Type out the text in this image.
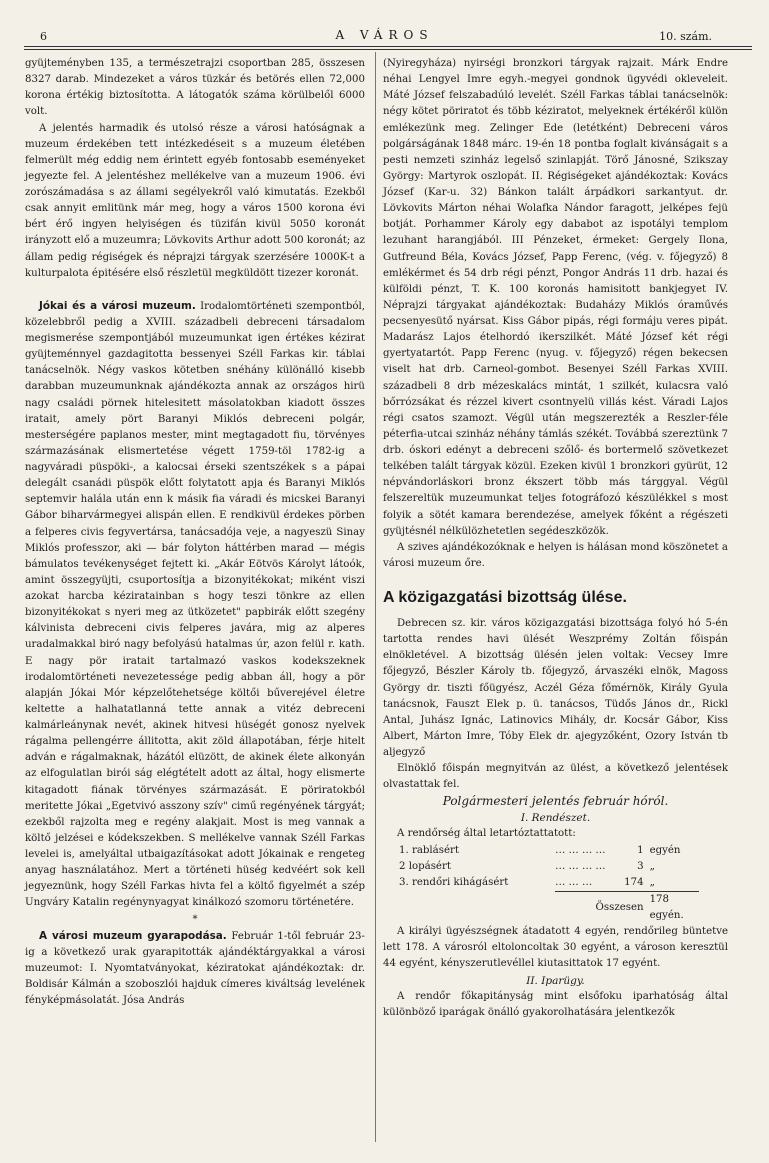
6	A VÁROS	10. szám.

gyüjteményben 135, a természetrajzi csoportban 285, összesen 8327 darab. Mindezeket a város tüzkár és betörés ellen 72,000 korona értékig biztosította. A látogatók száma körülbelől 6000 volt.

A jelentés harmadik és utolsó része a városi hatóságnak a muzeum érdekében tett intézkedéseit s a muzeum életében felmerült még eddig nem érintett egyéb fontosabb eseményeket jegyezte fel. A jelentéshez mellékelve van a muzeum 1906. évi zorószámadása s az állami segélyekről való kimutatás. Ezekből csak annyit emlitünk már meg, hogy a város 1500 korona évi bért érő ingyen helyiségen és tüzifán kivül 5050 koronát irányzott elő a muzeumra; Lövkovits Arthur adott 500 koronát; az állam pedig régiségek és néprajzi tárgyak szerzésére 1000K-t a kulturpalota épitésére első részletül megküldött tizezer koronát.

Jókai és a városi muzeum. Irodalomtörténeti szempontból, közelebbről pedig a XVIII. századbeli debreceni társadalom megismerése szempontjából muzeumunkat igen értékes kézirat gyüjteménnyel gazdagitotta bessenyei Széll Farkas kir. táblai tanácselnök. Négy vaskos kötetben snéhány különálló kisebb darabban muzeumunknak ajándékozta annak az országos hirü nagy családi pörnek hitelesitett másolatokban kiadott összes iratait, amely pört Baranyi Miklós debreceni polgár, mesterségére paplanos mester, mint megtagadott fiu, törvényes származásának elismertetése végett 1759-töl 1782-ig a nagyváradi püspöki-, a kalocsai érseki szentszékek s a pápai delegált csanádi püspök előtt folytatott apja és Baranyi Miklós septemvir halála után enn k másik fia váradi és micskei Baranyi Gábor biharvármegyei alispán ellen. E rendkivül érdekes pörben a felperes civis fegyvertársa, tanácsadója veje, a nagyeszü Sinay Miklós professzor, aki — bár folyton háttérben marad — mégis bámulatos tevékenységet fejtett ki. „Akár Eötvös Károlyt látoók, amint összegyüjti, csuportosítja a bizonyitékokat; miként viszi azokat harcba kéziratainban s hogy teszi tönkre az ellen bizonyitékokat s nyeri meg az ütközetet" papbirák előtt szegény kálvinista debreceni civis felperes javára, mig az alperes uradalmakkal biró nagy befolyású hatalmas úr, azon felül r. kath. E nagy pör iratait tartalmazó vaskos kodekszeknek irodalomtörténeti nevezetessége pedig abban áll, hogy a pör alapján Jókai Mór képzelőtehetsége költői bűverejével életre keltette a halhatatlanná tette annak a vitéz debreceni kalmárleánynak nevét, akinek hitvesi hüségét gonosz nyelvek rágalma pellengérre állitotta, akit zöld állapotában, férje hitelt adván e rágalmaknak, házától elüzött, de akinek élete alkonyán az elfogulatlan birói ság elégtételt adott az által, hogy elismerte kitagadott fiának törvényes származását. E pöriratokból meritette Jókai „Egetvivó asszony szív" cimű regényének tárgyát; ezekből rajzolta meg e regény alakjait. Most is meg vannak a költő jelzései e kódekszekben. S mellékelve vannak Széll Farkas levelei is, amelyáltal utbaigazításokat adott Jókainak e rengeteg anyag használatához. Mert a történeti hüség kedvéért sok kell jegyeznünk, hogy Széll Farkas hivta fel a költő figyelmét a szép Ungváry Katalin regénynyagyat kinálkozó szomoru történetére.

*

A városi muzeum gyarapodása. Február 1-től február 23-ig a következő urak gyarapitották ajándéktárgyakkal a városi muzeumot: I. Nyomtatványokat, kéziratokat ajándékoztak: dr. Boldisár Kálmán a szoboszlói hajduk címeres kiváltság levelének fényképmásolatát. Jósa András

(Nyiregyháza) nyirségi bronzkori tárgyak rajzait. Márk Endre néhai Lengyel Imre egyh.-megyei gondnok ügyvédi okleveleit. Máté József felszabadúló levelét. Széll Farkas táblai tanácselnök: négy kötet pöriratot és több kéziratot, melyeknek értékéről külön emlékezünk meg. Zelinger Ede (letétként) Debreceni város polgárságának 1848 márc. 19-én 18 pontba foglalt kivánságait s a pesti nemzeti szinház legelső szinlapját. Törő Jánosné, Szikszay György: Martyrok oszlopát. II. Régiségeket ajándékoztak: Kovács József (Kar-u. 32) Bánkon talált árpádkori sarkantyut. dr. Lövkovits Márton néhai Wolafka Nándor faragott, jelképes fejü botját. Porhammer Károly egy dababot az ispotályi templom lezuhant harangjából. III Pénzeket, érmeket: Gergely Ilona, Gutfreund Béla, Kovács József, Papp Ferenc, (vég. v. főjegyző) 8 emlékérmet és 54 drb régi pénzt, Pongor András 11 drb. hazai és külföldi pénzt, T. K. 100 koronás hamisitott bankjegyet IV. Néprajzi tárgyakat ajándékoztak: Budaházy Miklós óraművés pecsenyesütő nyársat. Kiss Gábor pipás, régi formáju veres pipát. Madarász Lajos ételhordó ikerszilkét. Máté József két régi gyertyatartót. Papp Ferenc (nyug. v. főjegyző) régen bekecsen viselt hat drb. Carneol-gombot. Besenyei Széll Farkas XVIII. századbeli 8 drb mézeskalács mintát, 1 szilkét, kulacsra való bőrrózsákat és rézzel kivert csontnyelü villás kést. Váradi Lajos régi csatos szamozt. Végül után megszerezték a Reszler-féle péterfia-utcai szinház néhány támlás székét. Továbbá szereztünk 7 drb. óskori edényt a debreceni szőlő- és bortermelő szövetkezet telkében talált tárgyak közül. Ezeken kivül 1 bronzkori gyürüt, 12 népvándorláskori bronz ékszert több más tárggyal. Végül felszereltük muzeumunkat teljes fotográfozó készülékkel s most folyik a sötét kamara berendezése, amelyek főként a régészeti gyüjtésnél nélkülözhetetlen segédeszközök.

A szives ajándékozóknak e helyen is hálásan mond köszönetet a városi muzeum őre.

A közigazgatási bizottság ülése.

Debrecen sz. kir. város közigazgatási bizottsága folyó hó 5-én tartotta rendes havi ülését Weszprémy Zoltán főispán elnökletével. A bizottság ülésén jelen voltak: Vecsey Imre főjegyző, Bészler Károly tb. főjegyző, árvaszéki elnök, Magoss György dr. tiszti főügyész, Aczél Géza főmérnök, Király Gyula tanácsnok, Fauszt Elek p. ü. tanácsos, Tüdős János dr., Rickl Antal, Juhász Ignác, Latinovics Mihály, dr. Kocsár Gábor, Kiss Albert, Márton Imre, Tóby Elek dr. ajegyzőként, Ozory István tb aljegyző

Elnöklő főispán megnyitván az ülést, a következő jelentések olvastattak fel.

Polgármesteri jelentés február hóról.
I. Rendészet.

A rendőrség által letartóztattatott:

1. rablásért	… … … …	1	egyén
2 lopásért	… … … …	3	„
3. rendőri kihágásért	… … …	174	„
	Összesen		178 egyén.

A királyi ügyészségnek átadatott 4 egyén, rendőrileg büntetve lett 178. A városról eltoloncoltak 30 egyént, a városon keresztül 44 egyént, kényszerutlevéllel kiutasittatok 17 egyént.

II. Iparügy.

A rendőr főkapitányság mint elsőfoku iparhatóság által különböző iparágak önálló gyakorolhatására jelentkezők
